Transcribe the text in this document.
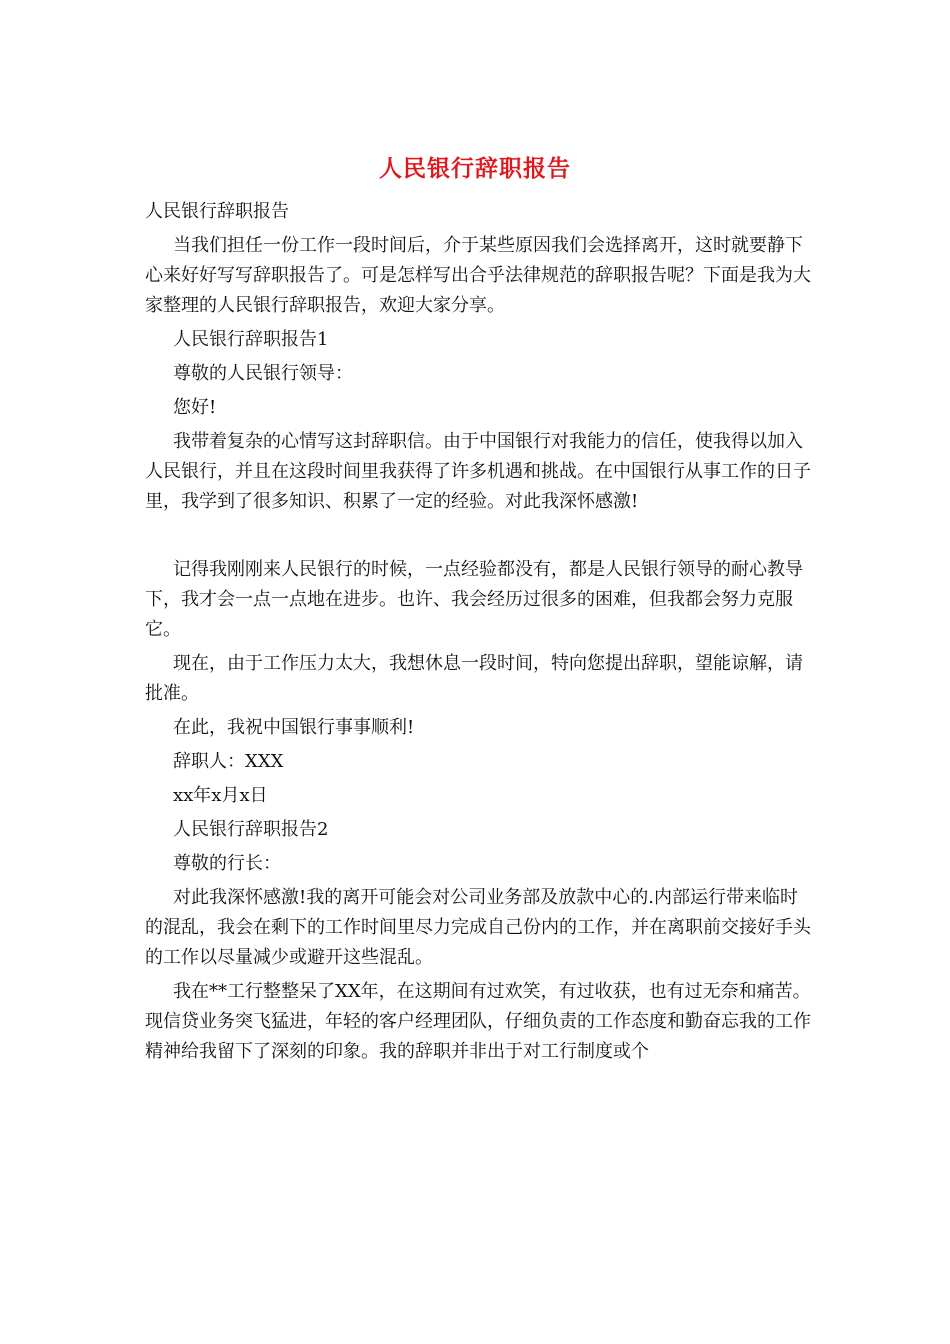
人民银行辞职报告

人民银行辞职报告

当我们担任一份工作一段时间后，介于某些原因我们会选择离开，这时就要静下心来好好写写辞职报告了。可是怎样写出合乎法律规范的辞职报告呢？下面是我为大家整理的人民银行辞职报告，欢迎大家分享。

人民银行辞职报告1

尊敬的人民银行领导：

您好!

我带着复杂的心情写这封辞职信。由于中国银行对我能力的信任，使我得以加入人民银行，并且在这段时间里我获得了许多机遇和挑战。在中国银行从事工作的日子里，我学到了很多知识、积累了一定的经验。对此我深怀感激!

记得我刚刚来人民银行的时候，一点经验都没有，都是人民银行领导的耐心教导下，我才会一点一点地在进步。也许、我会经历过很多的困难，但我都会努力克服它。

现在，由于工作压力太大，我想休息一段时间，特向您提出辞职，望能谅解，请批准。

在此，我祝中国银行事事顺利!

辞职人：XXX

xx年x月x日

人民银行辞职报告2

尊敬的行长：

对此我深怀感激!我的离开可能会对公司业务部及放款中心的.内部运行带来临时的混乱，我会在剩下的工作时间里尽力完成自己份内的工作，并在离职前交接好手头的工作以尽量减少或避开这些混乱。

我在**工行整整呆了XX年，在这期间有过欢笑，有过收获，也有过无奈和痛苦。现信贷业务突飞猛进，年轻的客户经理团队，仔细负责的工作态度和勤奋忘我的工作精神给我留下了深刻的印象。我的辞职并非出于对工行制度或个
